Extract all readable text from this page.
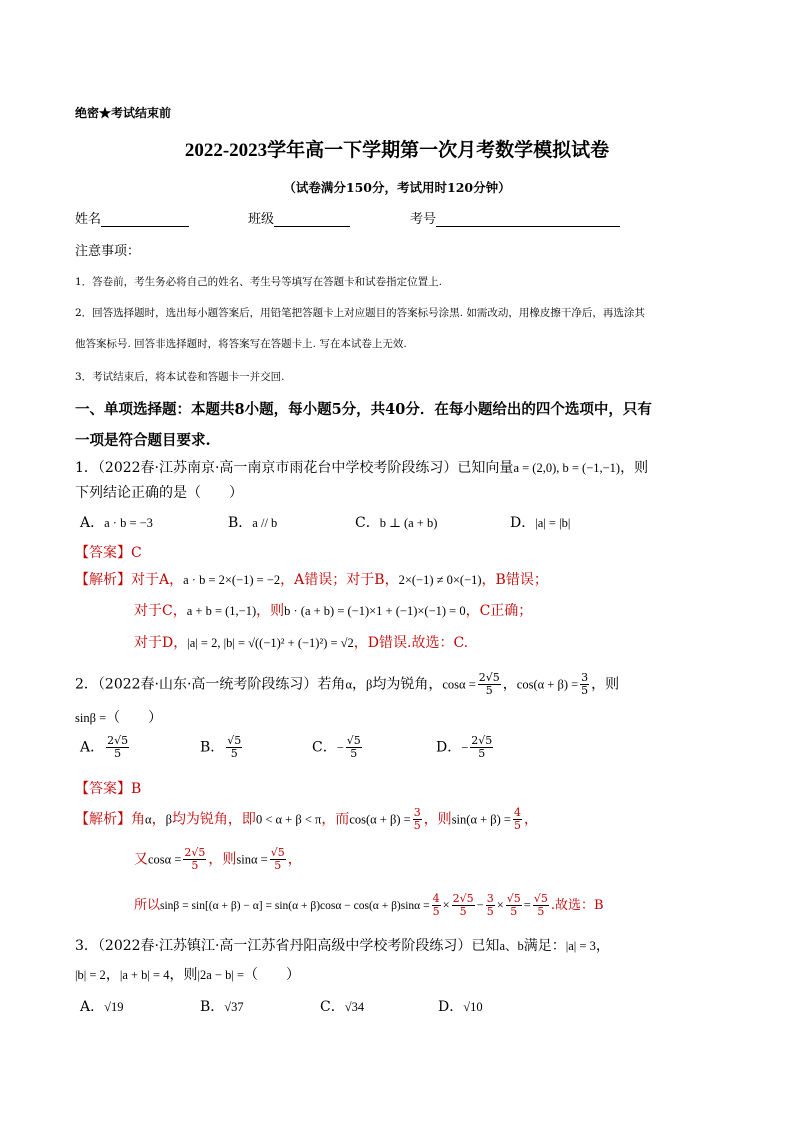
绝密★考试结束前
2022-2023学年高一下学期第一次月考数学模拟试卷
（试卷满分150分，考试用时120分钟）
姓名	班级	考号
注意事项：
1．答卷前，考生务必将自己的姓名、考生号等填写在答题卡和试卷指定位置上.
2．回答选择题时，选出每小题答案后，用铅笔把答题卡上对应题目的答案标号涂黑. 如需改动，用橡皮擦干净后，再选涂其
他答案标号. 回答非选择题时，将答案写在答题卡上. 写在本试卷上无效.
3．考试结束后，将本试卷和答题卡一并交回.
一、单项选择题：本题共8小题，每小题5分，共40分．在每小题给出的四个选项中，只有
一项是符合题目要求.
1．（2022春·江苏南京·高一南京市雨花台中学校考阶段练习）已知向量a = (2,0), b = (−1,−1)，则
下列结论正确的是（　　）
A．a · b = −3	B．a // b	C．b ⊥ (a + b)	D．|a| = |b|
【答案】C
【解析】对于A，a · b = 2×(−1) = −2，A错误；对于B，2×(−1) ≠ 0×(−1)，B错误；
对于C，a + b = (1,−1)，则b · (a + b) = (−1)×1 + (−1)×(−1) = 0，C正确；
对于D，|a| = 2, |b| = √((−1)² + (−1)²) = √2，D错误.故选：C.
2．（2022春·山东·高一统考阶段练习）若角α，β均为锐角，$\cos\alpha = \frac{2√5}{5}$ ，$\cos(\alpha + \beta) = \frac{3}{5}$ ，则
sinβ =（　　）
A． $\frac{2√5}{5}$	B． $\frac{√5}{5}$	C．− $\frac{√5}{5}$	D．− $\frac{2√5}{5}$
【答案】B
【解析】角α，β均为锐角，即0 < α + β < π，而$\cos(\alpha + \beta) = \frac{3}{5}$ ，则$\sin(\alpha + \beta) = \frac{4}{5}$ ，
又$\cos\alpha = \frac{2√5}{5}$ ，则$\sin\alpha = \frac{√5}{5}$ ，
所以$\sin\beta = \sin[(\alpha + \beta) - \alpha] = \sin(\alpha + \beta)\cos\alpha - \cos(\alpha + \beta)\sin\alpha = \frac{4}{5} \times \frac{2√5}{5} - \frac{3}{5} \times \frac{√5}{5} = \frac{√5}{5}$ .故选：B
3．（2022春·江苏镇江·高一江苏省丹阳高级中学校考阶段练习）已知a、b满足：|a| = 3，
|b| = 2，|a + b| = 4，则|2a − b| =（　　）
A．√19	B．√37	C．√34	D．√10
